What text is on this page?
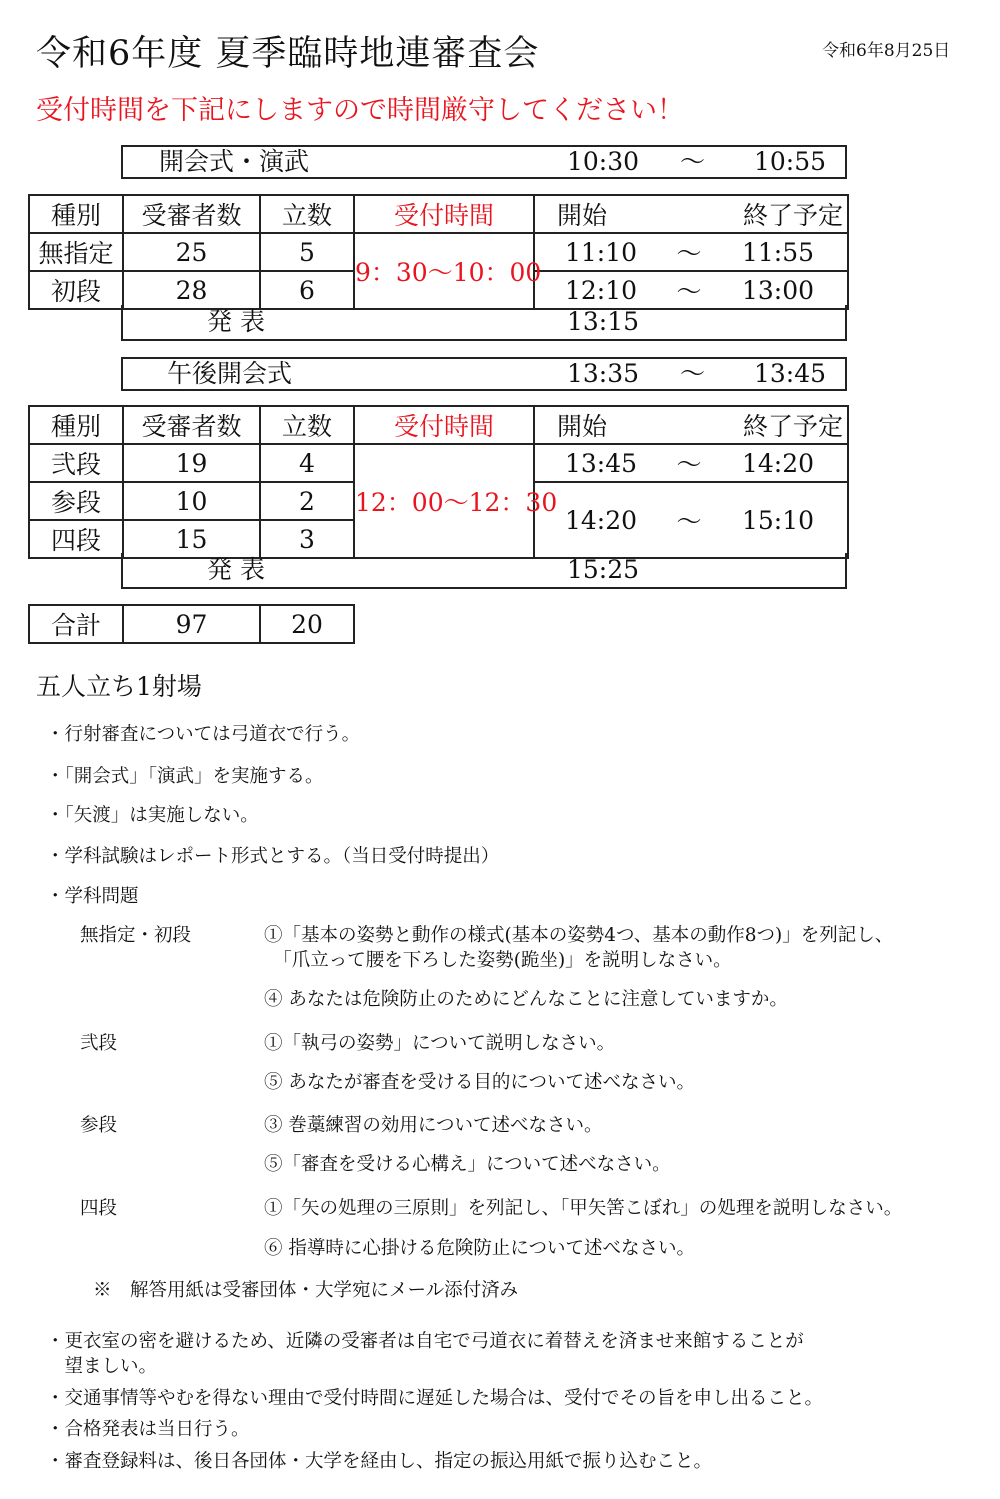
令和6年度 夏季臨時地連審査会	令和6年8月25日
受付時間を下記にしますので時間厳守してください！
開会式・演武	10:30 ～ 10:55
種別	受審者数	立数	受付時間	開始		終了予定
無指定	25	5	9：30～10：00	11:10	～	11:55
初段	28	6		12:10	～	13:00
発 表	13:15
午後開会式	13:35 ～ 13:45
種別	受審者数	立数	受付時間	開始		終了予定
弐段	19	4	12：00～12：30	13:45	～	14:20
参段	10	2		14:20	～	15:10
四段	15	3				
発 表	15:25
合計	97	20
五人立ち1射場
・行射審査については弓道衣で行う。
・「開会式」「演武」を実施する。
・「矢渡」は実施しない。
・学科試験はレポート形式とする。（当日受付時提出）
・学科問題
無指定・初段	①「基本の姿勢と動作の様式(基本の姿勢4つ、基本の動作8つ)」を列記し、
　「爪立って腰を下ろした姿勢(跪坐)」を説明しなさい。
④ あなたは危険防止のためにどんなことに注意していますか。
弐段	①「執弓の姿勢」について説明しなさい。
⑤ あなたが審査を受ける目的について述べなさい。
参段	③ 巻藁練習の効用について述べなさい。
⑤「審査を受ける心構え」について述べなさい。
四段	①「矢の処理の三原則」を列記し、「甲矢筈こぼれ」の処理を説明しなさい。
⑥ 指導時に心掛ける危険防止について述べなさい。
※　解答用紙は受審団体・大学宛にメール添付済み
・更衣室の密を避けるため、近隣の受審者は自宅で弓道衣に着替えを済ませ来館することが
　望ましい。
・交通事情等やむを得ない理由で受付時間に遅延した場合は、受付でその旨を申し出ること。
・合格発表は当日行う。
・審査登録料は、後日各団体・大学を経由し、指定の振込用紙で振り込むこと。
